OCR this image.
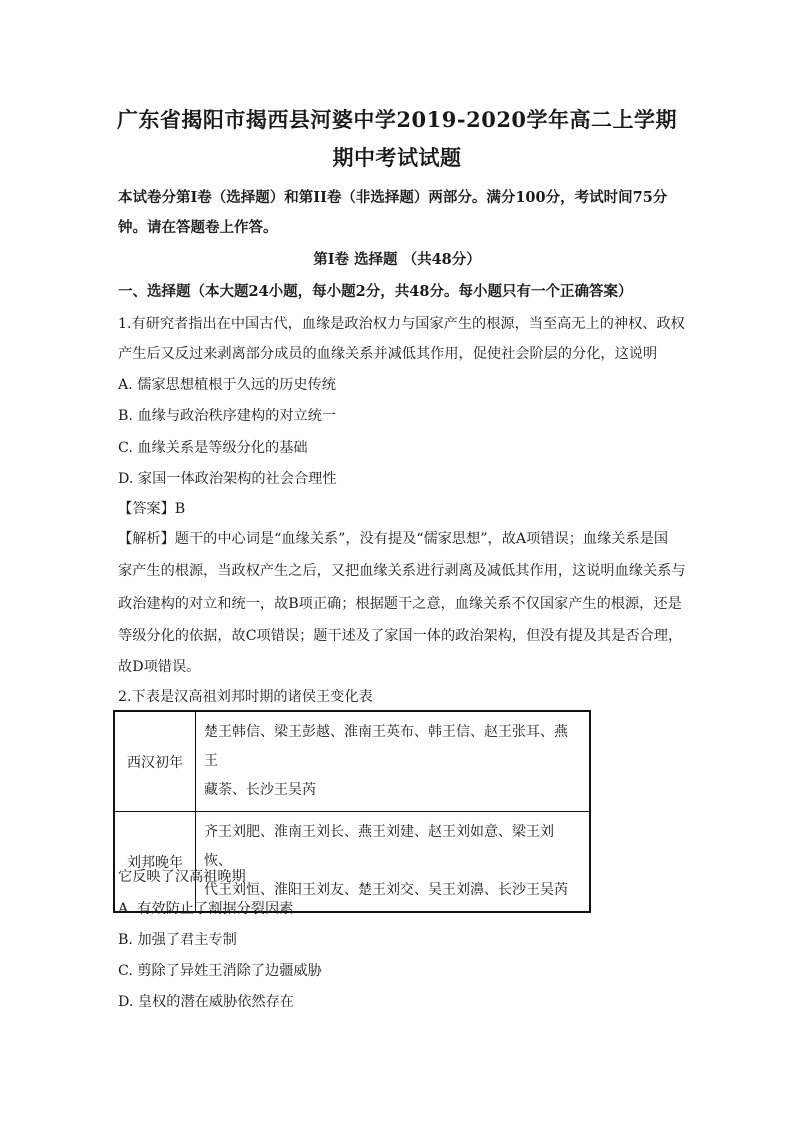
广东省揭阳市揭西县河婆中学2019-2020学年高二上学期
期中考试试题
本试卷分第I卷（选择题）和第II卷（非选择题）两部分。满分100分，考试时间75分
钟。请在答题卷上作答。
第I卷 选择题 （共48分）
一、选择题（本大题24小题，每小题2分，共48分。每小题只有一个正确答案）
1.有研究者指出在中国古代，血缘是政治权力与国家产生的根源，当至高无上的神权、政权
产生后又反过来剥离部分成员的血缘关系并减低其作用，促使社会阶层的分化，这说明
A. 儒家思想植根于久远的历史传统
B. 血缘与政治秩序建构的对立统一
C. 血缘关系是等级分化的基础
D. 家国一体政治架构的社会合理性
【答案】B
【解析】题干的中心词是“血缘关系”，没有提及“儒家思想”，故A项错误；血缘关系是国
家产生的根源，当政权产生之后，又把血缘关系进行剥离及减低其作用，这说明血缘关系与
政治建构的对立和统一，故B项正确；根据题干之意，血缘关系不仅国家产生的根源，还是
等级分化的依据，故C项错误；题干述及了家国一体的政治架构，但没有提及其是否合理，
故D项错误。
2.下表是汉高祖刘邦时期的诸侯王变化表
西汉初年	楚王韩信、梁王彭越、淮南王英布、韩王信、赵王张耳、燕王
藏荼、长沙王吴芮

刘邦晚年	齐王刘肥、淮南王刘长、燕王刘建、赵王刘如意、梁王刘恢、
代王刘恒、淮阳王刘友、楚王刘交、吴王刘濞、长沙王吴芮
它反映了汉高祖晚期
A. 有效防止了割据分裂因素
B. 加强了君主专制
C. 剪除了异姓王消除了边疆威胁
D. 皇权的潜在威胁依然存在
